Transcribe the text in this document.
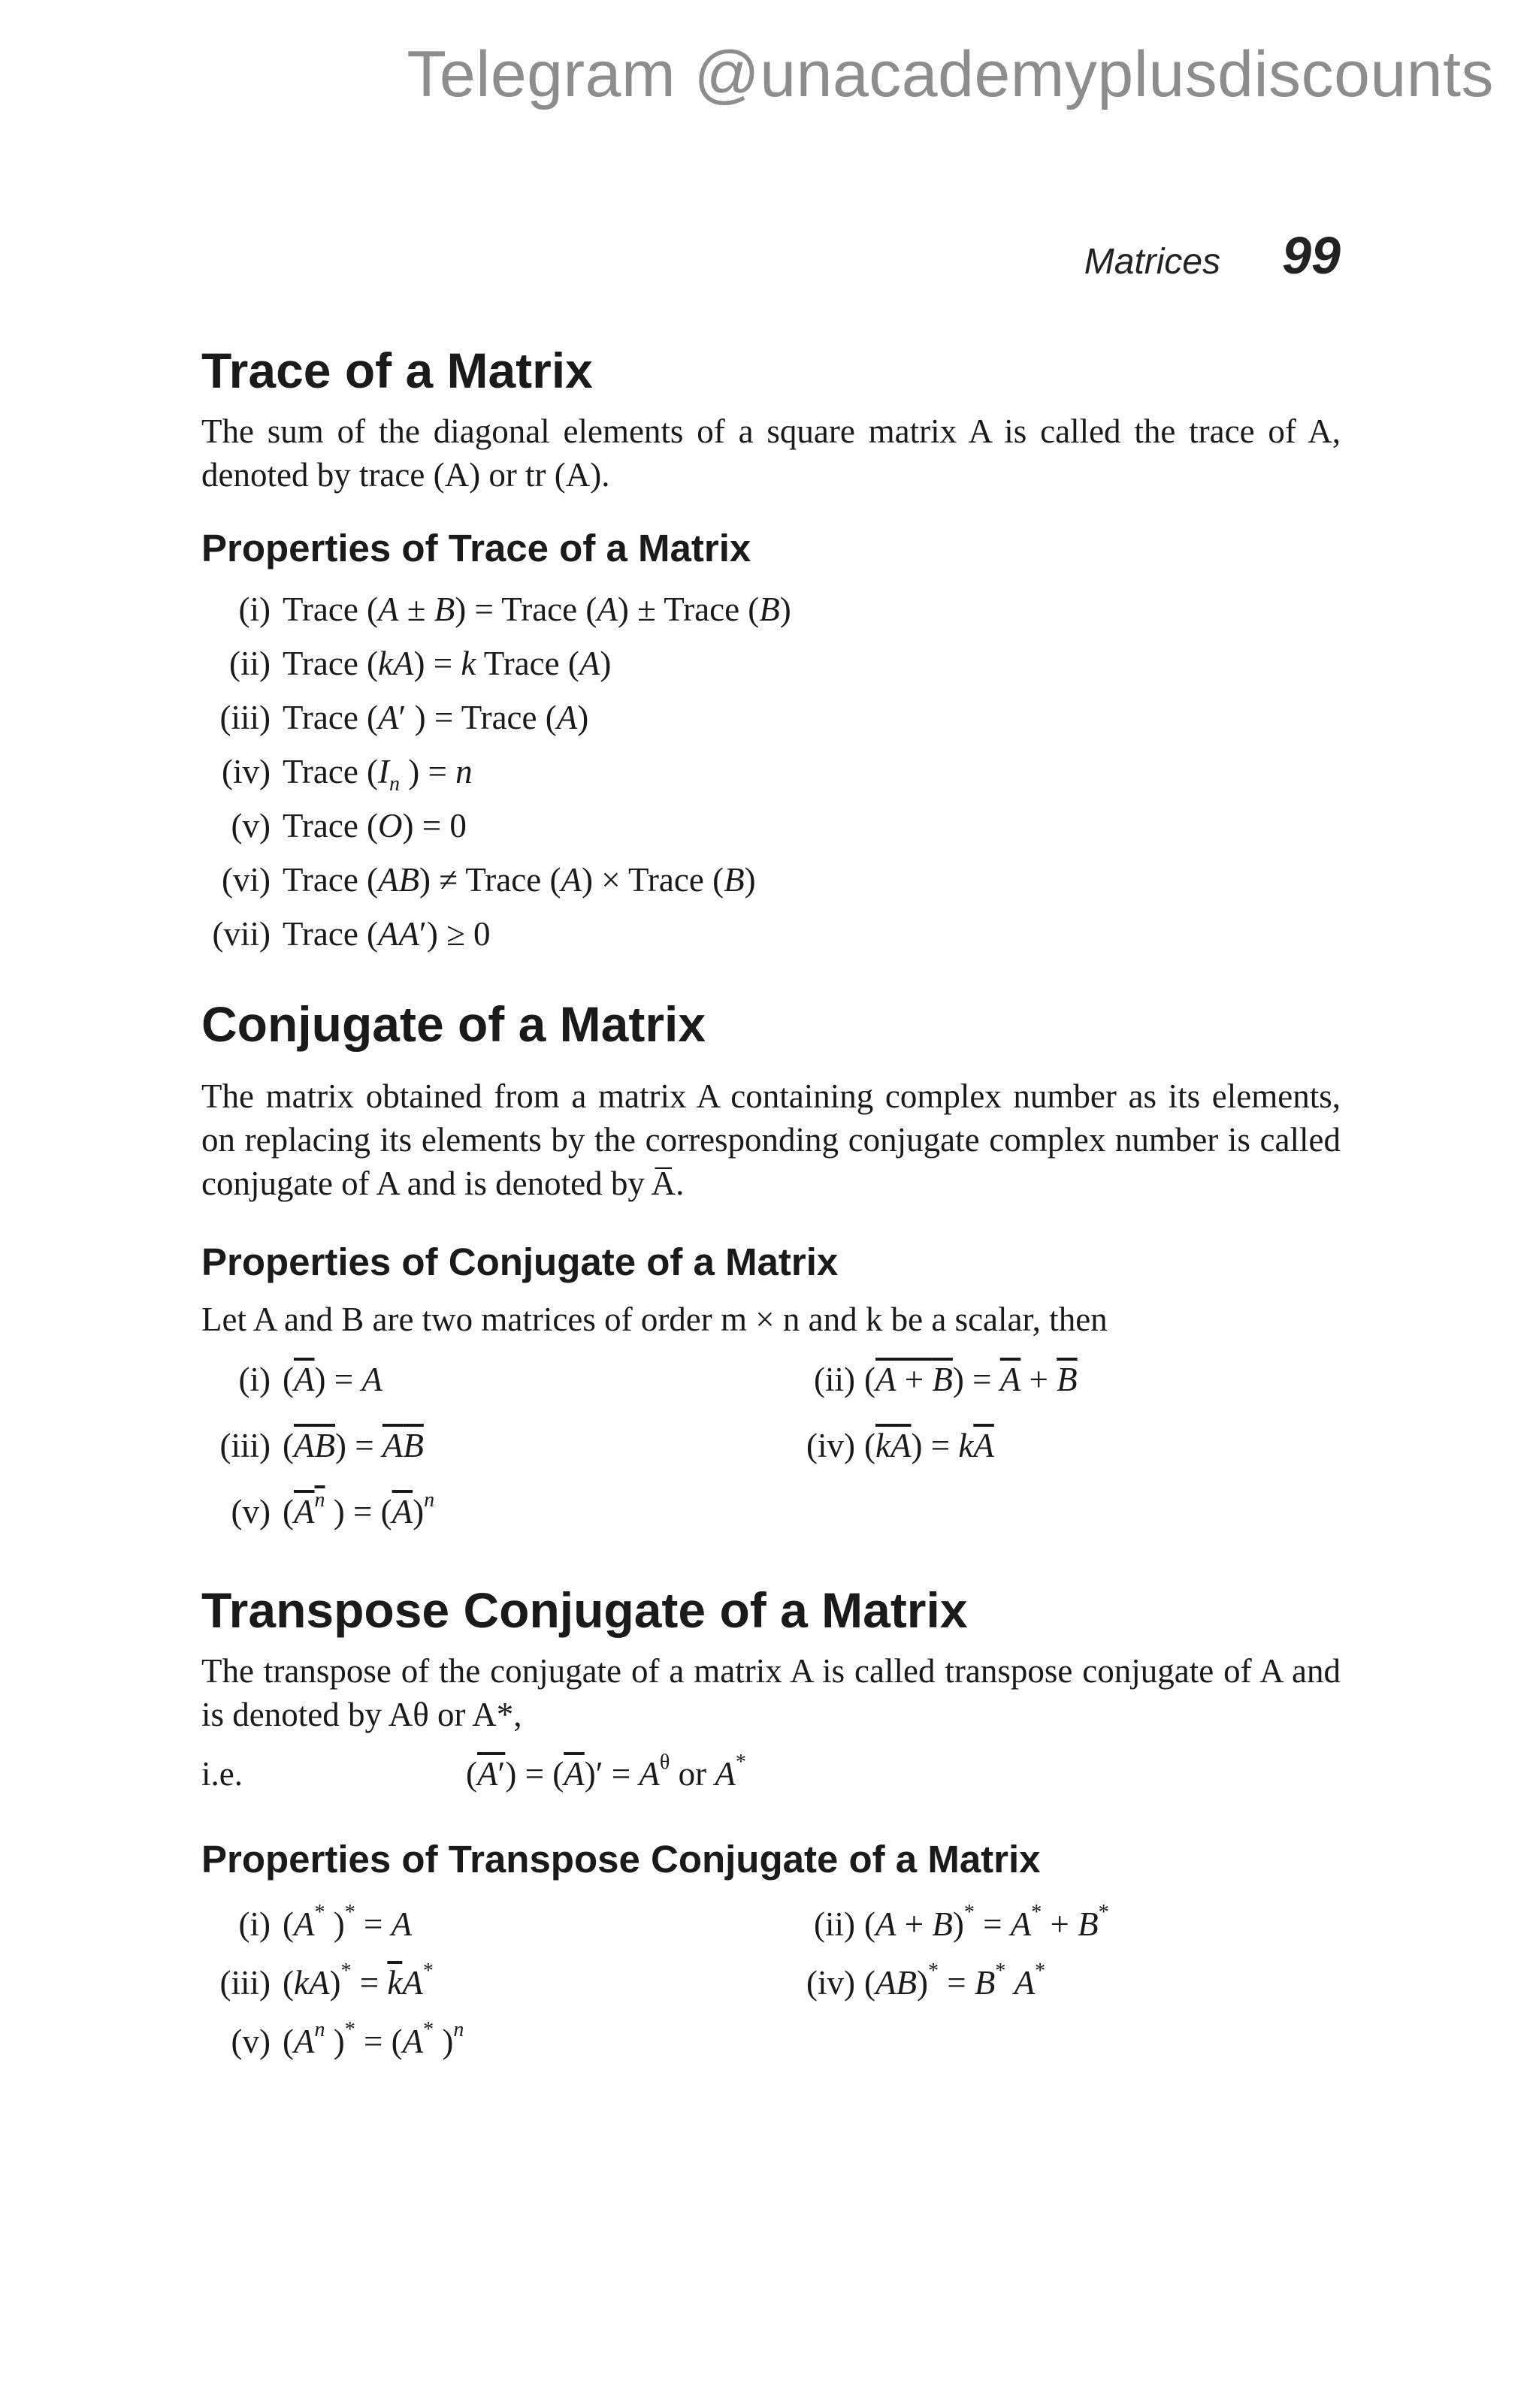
Telegram @unacademyplusdiscounts
Matrices 99
Trace of a Matrix
The sum of the diagonal elements of a square matrix A is called the trace of A, denoted by trace (A) or tr (A).
Properties of Trace of a Matrix
(i) Trace (A ± B) = Trace (A) ± Trace (B)
(ii) Trace (kA) = k Trace (A)
(iii) Trace (A′ ) = Trace (A)
(iv) Trace ($I_n$ ) = n
(v) Trace (O) = 0
(vi) Trace (AB) ≠ Trace (A) × Trace (B)
(vii) Trace (AA′) ≥ 0
Conjugate of a Matrix
The matrix obtained from a matrix A containing complex number as its elements, on replacing its elements by the corresponding conjugate complex number is called conjugate of A and is denoted by A̅.
Properties of Conjugate of a Matrix
Let A and B are two matrices of order m × n and k be a scalar, then
(i) (A) = A	(ii) $(A + B) = \overline{A} + \overline{B}$
(iii) $(\overline{AB}) = \overline{A}\overline{B}$	(iv) $(\overline{kA}) = k\overline{A}$
(v) ($A^n$ ) = $(\overline{A})^n$
Transpose Conjugate of a Matrix
The transpose of the conjugate of a matrix A is called transpose conjugate of A and is denoted by Aθ or A*,
i.e.	$(A') = (\overline{A})' = A^\theta$ or A*
Properties of Transpose Conjugate of a Matrix
(i) (A* )* = A	(ii) (A + B)* = A* + B*
(iii) $(kA)^* = \overline{k}A^*$	(iv) (AB)* = B* A*
(v) ($A^n$ )* = (A* )$^n$
